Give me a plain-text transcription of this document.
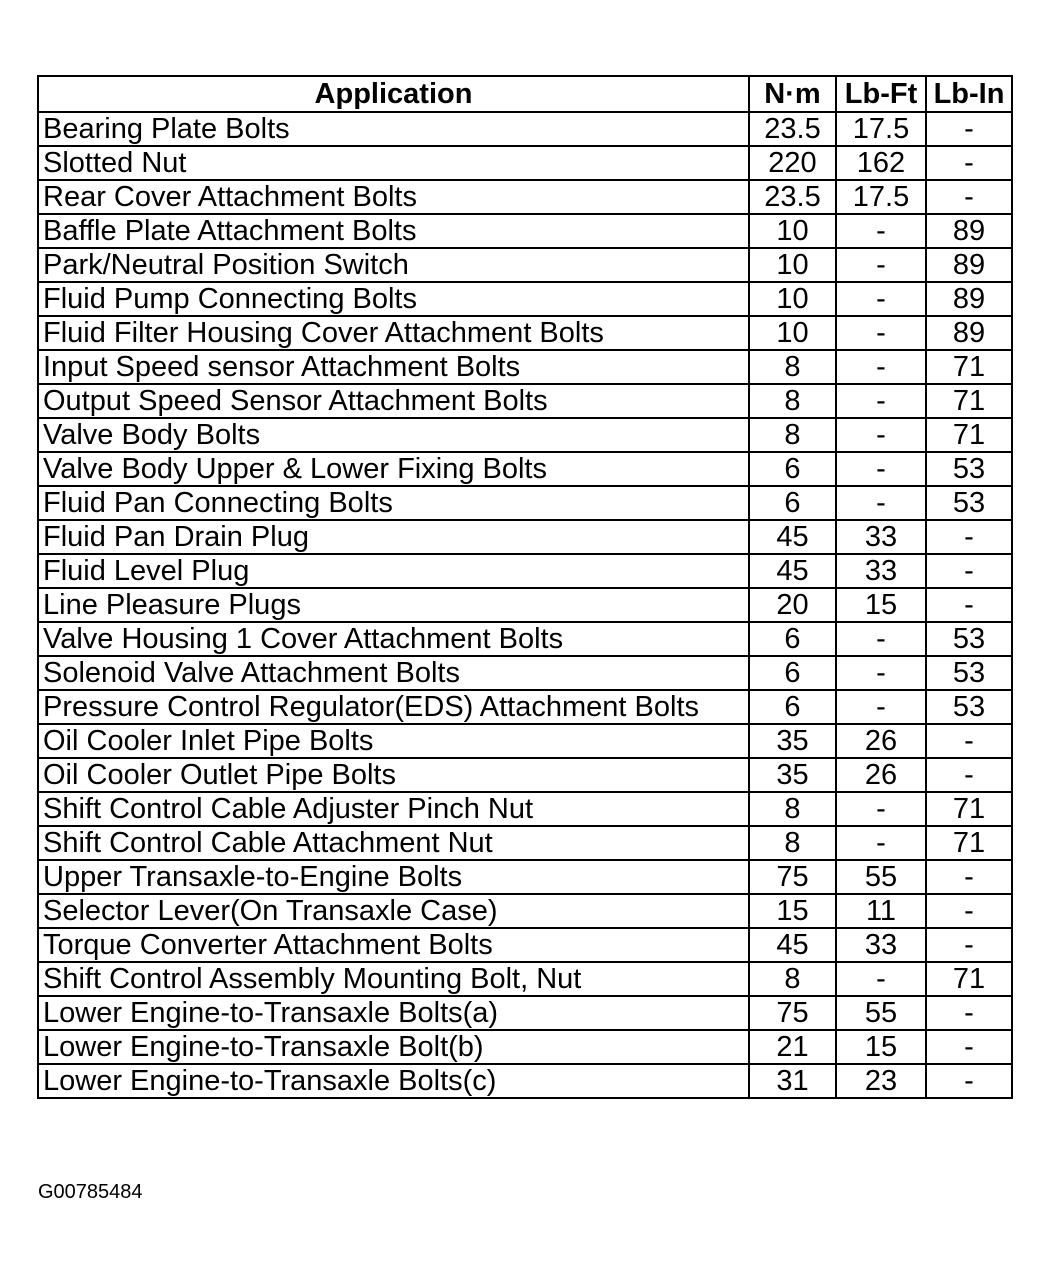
Application	N·m	Lb-Ft	Lb-In
Bearing Plate Bolts	23.5	17.5	-
Slotted Nut	220	162	-
Rear Cover Attachment Bolts	23.5	17.5	-
Baffle Plate Attachment Bolts	10	-	89
Park/Neutral Position Switch	10	-	89
Fluid Pump Connecting Bolts	10	-	89
Fluid Filter Housing Cover Attachment Bolts	10	-	89
Input Speed sensor Attachment Bolts	8	-	71
Output Speed Sensor Attachment Bolts	8	-	71
Valve Body Bolts	8	-	71
Valve Body Upper & Lower Fixing Bolts	6	-	53
Fluid Pan Connecting Bolts	6	-	53
Fluid Pan Drain Plug	45	33	-
Fluid Level Plug	45	33	-
Line Pleasure Plugs	20	15	-
Valve Housing 1 Cover Attachment Bolts	6	-	53
Solenoid Valve Attachment Bolts	6	-	53
Pressure Control Regulator(EDS) Attachment Bolts	6	-	53
Oil Cooler Inlet Pipe Bolts	35	26	-
Oil Cooler Outlet Pipe Bolts	35	26	-
Shift Control Cable Adjuster Pinch Nut	8	-	71
Shift Control Cable Attachment Nut	8	-	71
Upper Transaxle-to-Engine Bolts	75	55	-
Selector Lever(On Transaxle Case)	15	11	-
Torque Converter Attachment Bolts	45	33	-
Shift Control Assembly Mounting Bolt, Nut	8	-	71
Lower Engine-to-Transaxle Bolts(a)	75	55	-
Lower Engine-to-Transaxle Bolt(b)	21	15	-
Lower Engine-to-Transaxle Bolts(c)	31	23	-
G00785484
